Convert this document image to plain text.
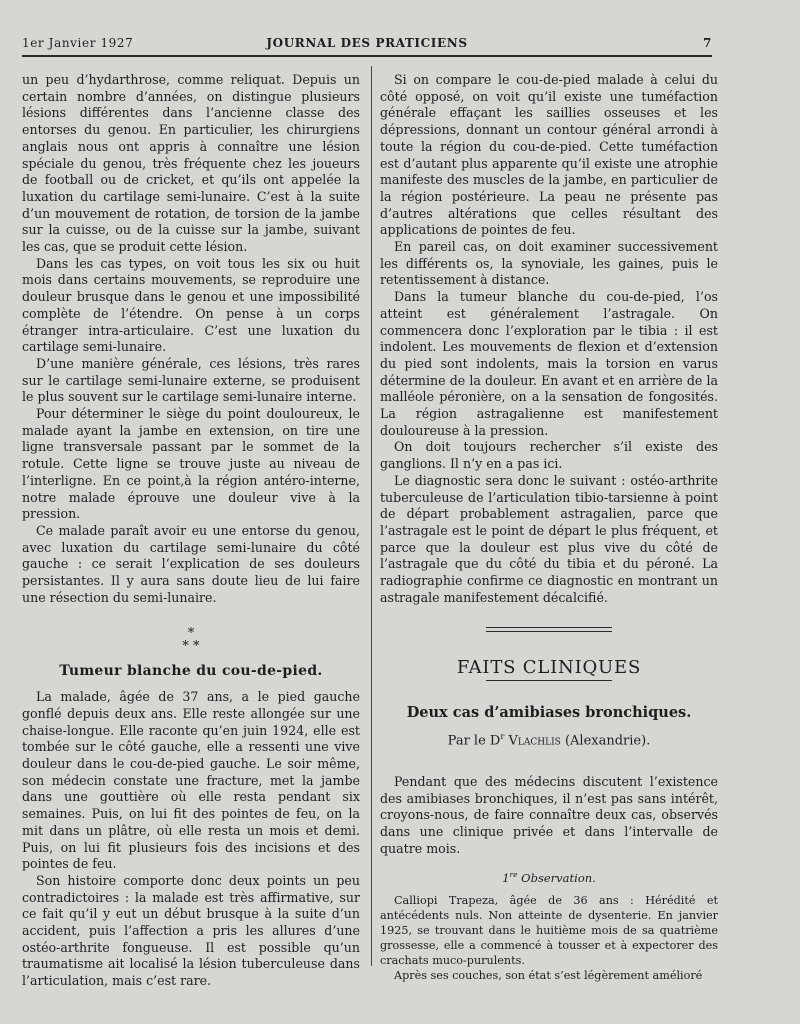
1er Janvier 1927	JOURNAL DES PRATICIENS	7

un peu d’hydarthrose, comme reliquat. Depuis un certain nombre d’années, on distingue plusieurs lésions différentes dans l’ancienne classe des entorses du genou. En particulier, les chirurgiens anglais nous ont appris à connaître une lésion spéciale du genou, très fréquente chez les joueurs de football ou de cricket, et qu’ils ont appelée la luxation du cartilage semi-lunaire. C’est à la suite d’un mouvement de rotation, de torsion de la jambe sur la cuisse, ou de la cuisse sur la jambe, suivant les cas, que se produit cette lésion.

Dans les cas types, on voit tous les six ou huit mois dans certains mouvements, se reproduire une douleur brusque dans le genou et une impossibilité complète de l’étendre. On pense à un corps étranger intra-articulaire. C’est une luxation du cartilage semi-lunaire.

D’une manière générale, ces lésions, très rares sur le cartilage semi-lunaire externe, se produisent le plus souvent sur le cartilage semi-lunaire interne.

Pour déterminer le siège du point douloureux, le malade ayant la jambe en extension, on tire une ligne transversale passant par le sommet de la rotule. Cette ligne se trouve juste au niveau de l’interligne. En ce point,à la région antéro-interne, notre malade éprouve une douleur vive à la pression.

Ce malade paraît avoir eu une entorse du genou, avec luxation du cartilage semi-lunaire du côté gauche : ce serait l’explication de ses douleurs persistantes. Il y aura sans doute lieu de lui faire une résection du semi-lunaire.

*
* *
Tumeur blanche du cou-de-pied.

La malade, âgée de 37 ans, a le pied gauche gonflé depuis deux ans. Elle reste allongée sur une chaise-longue. Elle raconte qu’en juin 1924, elle est tombée sur le côté gauche, elle a ressenti une vive douleur dans le cou-de-pied gauche. Le soir même, son médecin constate une fracture, met la jambe dans une gouttière où elle resta pendant six semaines. Puis, on lui fit des pointes de feu, on la mit dans un plâtre, où elle resta un mois et demi. Puis, on lui fit plusieurs fois des incisions et des pointes de feu.

Son histoire comporte donc deux points un peu contradictoires : la malade est très affirmative, sur ce fait qu’il y eut un début brusque à la suite d’un accident, puis l’affection a pris les allures d’une ostéo-arthrite fongueuse. Il est possible qu’un traumatisme ait localisé la lésion tuberculeuse dans l’articulation, mais c’est rare.

Si on compare le cou-de-pied malade à celui du côté opposé, on voit qu’il existe une tuméfaction générale effaçant les saillies osseuses et les dépressions, donnant un contour général arrondi à toute la région du cou-de-pied. Cette tuméfaction est d’autant plus apparente qu’il existe une atrophie manifeste des muscles de la jambe, en particulier de la région postérieure. La peau ne présente pas d’autres altérations que celles résultant des applications de pointes de feu.

En pareil cas, on doit examiner successivement les différents os, la synoviale, les gaines, puis le retentissement à distance.

Dans la tumeur blanche du cou-de-pied, l’os atteint est généralement l’astragale. On commencera donc l’exploration par le tibia : il est indolent. Les mouvements de flexion et d’extension du pied sont indolents, mais la torsion en varus détermine de la douleur. En avant et en arrière de la malléole péronière, on a la sensation de fongosités. La région astragalienne est manifestement douloureuse à la pression.

On doit toujours rechercher s’il existe des ganglions. Il n’y en a pas ici.

Le diagnostic sera donc le suivant : ostéo-arthrite tuberculeuse de l’articulation tibio-tarsienne à point de départ probablement astragalien, parce que l’astragale est le point de départ le plus fréquent, et parce que la douleur est plus vive du côté de l’astragale que du côté du tibia et du péroné. La radiographie confirme ce diagnostic en montrant un astragale manifestement décalcifié.

FAITS CLINIQUES
Deux cas d’amibiases bronchiques.
Par le $D^r$ Vlachlis (Alexandrie).

Pendant que des médecins discutent l’existence des amibiases bronchiques, il n’est pas sans intérêt, croyons-nous, de faire connaître deux cas, observés dans une clinique privée et dans l’intervalle de quatre mois.

1re Observation.

Calliopi Trapeza, âgée de 36 ans : Hérédité et antécédents nuls. Non atteinte de dysenterie. En janvier 1925, se trouvant dans le huitième mois de sa quatrième grossesse, elle a commencé à tousser et à expectorer des crachats muco-purulents.

Après ses couches, son état s’est légèrement amélioré
